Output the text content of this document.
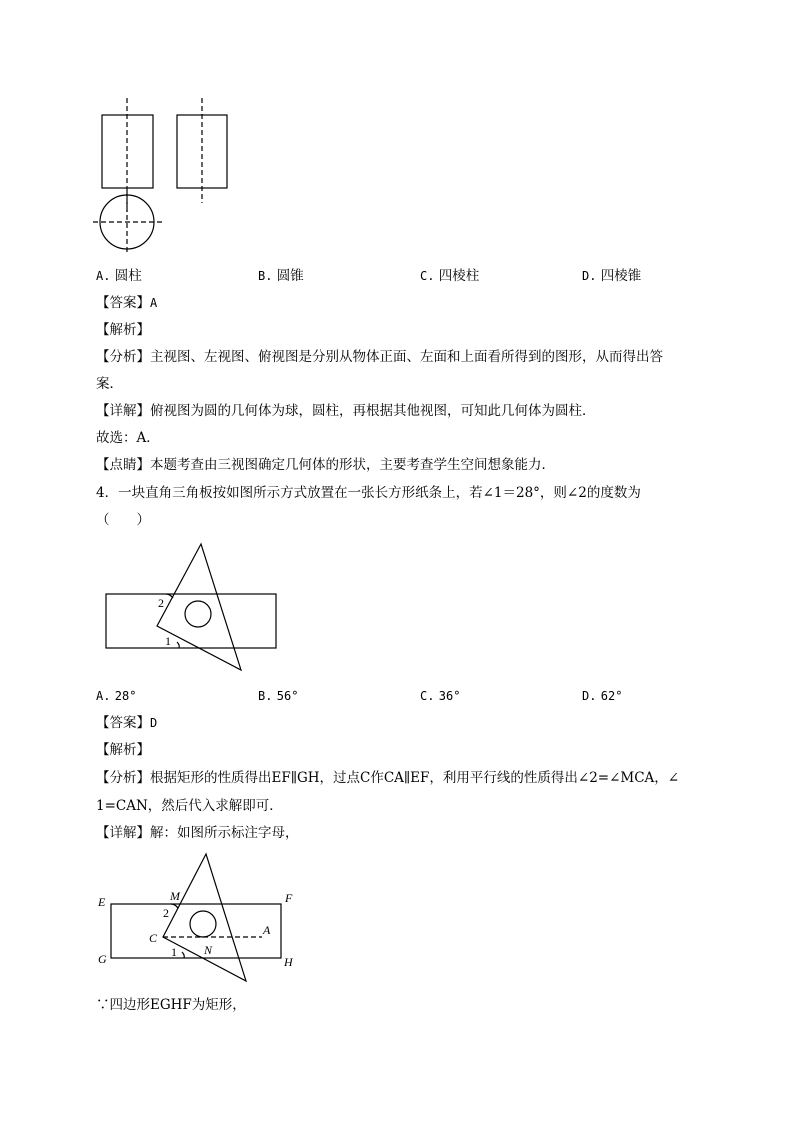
A. 圆柱	B. 圆锥	C. 四棱柱	D. 四棱锥
【答案】A
【解析】
【分析】主视图、左视图、俯视图是分别从物体正面、左面和上面看所得到的图形，从而得出答
案．
【详解】俯视图为圆的几何体为球，圆柱，再根据其他视图，可知此几何体为圆柱．
故选：A．
【点睛】本题考查由三视图确定几何体的形状，主要考查学生空间想象能力．
4．一块直角三角板按如图所示方式放置在一张长方形纸条上，若∠1＝28°，则∠2的度数为
（　　）
2
1
A. 28°	B. 56°	C. 36°	D. 62°
【答案】D
【解析】
【分析】根据矩形的性质得出EF∥GH，过点C作CA∥EF，利用平行线的性质得出∠2=∠MCA，∠
1=CAN，然后代入求解即可．
【详解】解：如图所示标注字母，
E	F
G	H
M
N
C
A
2
1
∵四边形EGHF为矩形，
